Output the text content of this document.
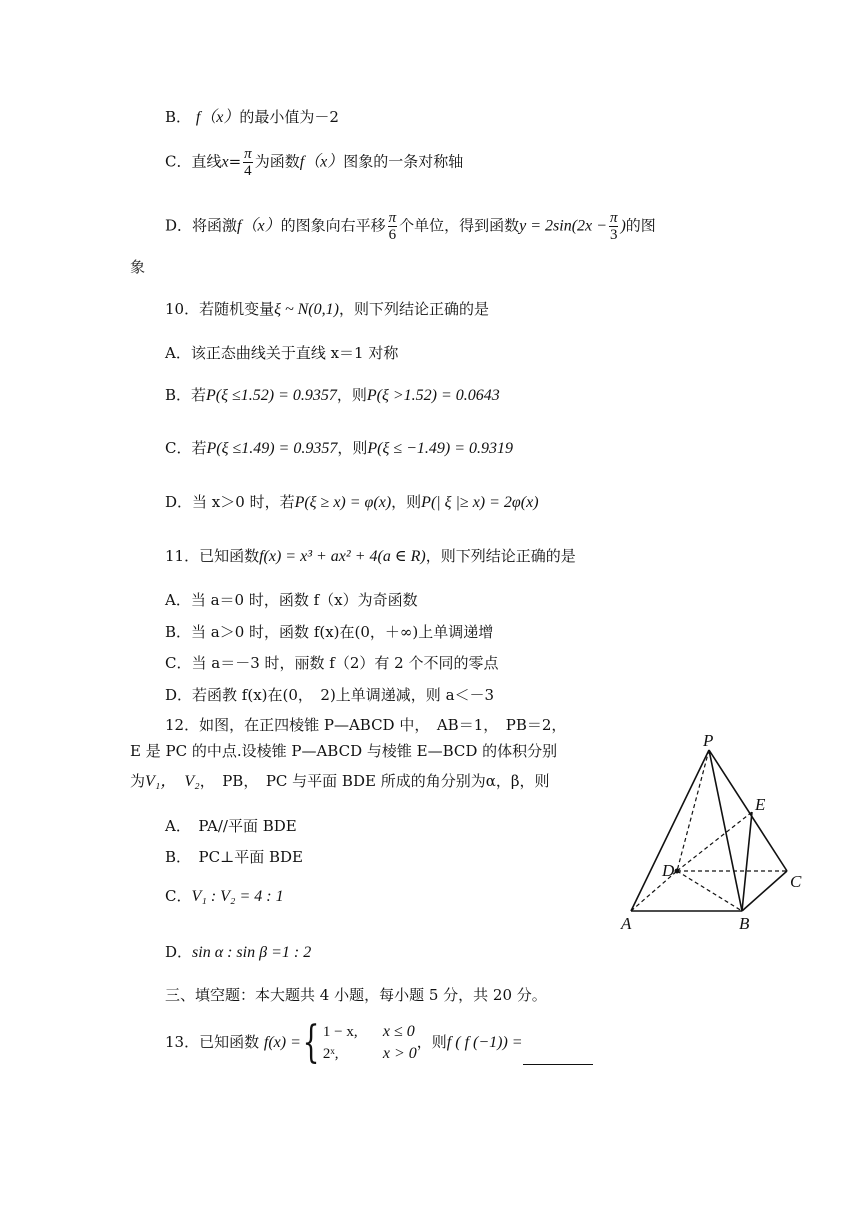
B． f（x）的最小值为－2
C．直线$x= \frac{\pi}{4}$ 为函数f（x）图象的一条对称轴
D．将函激f（x）的图象向右平移 $\frac{\pi}{6}$ 个单位，得到函数$y = 2\sin(2x - \frac{\pi}{3}$ )的图
象
10．若随机变量ξ ~ N(0,1)，则下列结论正确的是
A．该正态曲线关于直线 x＝1 对称
B．若P(ξ ≤1.52) = 0.9357，则P(ξ >1.52) = 0.0643
C．若P(ξ ≤1.49) = 0.9357，则P(ξ ≤ −1.49) = 0.9319
D．当 x＞0 时，若P(ξ ≥ x) = φ(x)，则P(| ξ |≥ x) = 2φ(x)
11．已知函数f(x) = x³ + ax² + 4(a ∈ R)，则下列结论正确的是
A．当 a＝0 时，函数 f（x）为奇函数
B．当 a＞0 时，函数 f(x)在(0，＋∞)上单调递增
C．当 a＝－3 时，丽数 f（2）有 2 个不同的零点
D．若函教 f(x)在(0，　2)上单调递减，则 a＜－3
12．如图，在正四棱锥 P—ABCD 中，　AB＝1，　PB＝2，
E 是 PC 的中点.设棱锥 P—ABCD 与棱锥 E—BCD 的体积分别
为V₁，　V₂，　PB，　PC 与平面 BDE 所成的角分别为α，β，则
A．　PA//平面 BDE
B．　PC⊥平面 BDE
C．V₁ : V₂ = 4 : 1
D．sin α : sin β =1 : 2
P
E
D
C
A	B
三、填空题：本大题共 4 小题，每小题 5 分，共 20 分。
13．已知函数 f(x) ={ 1 − x, x ≤ 0
2ˣ,	x > 0
，则f ( f (−1)) =
